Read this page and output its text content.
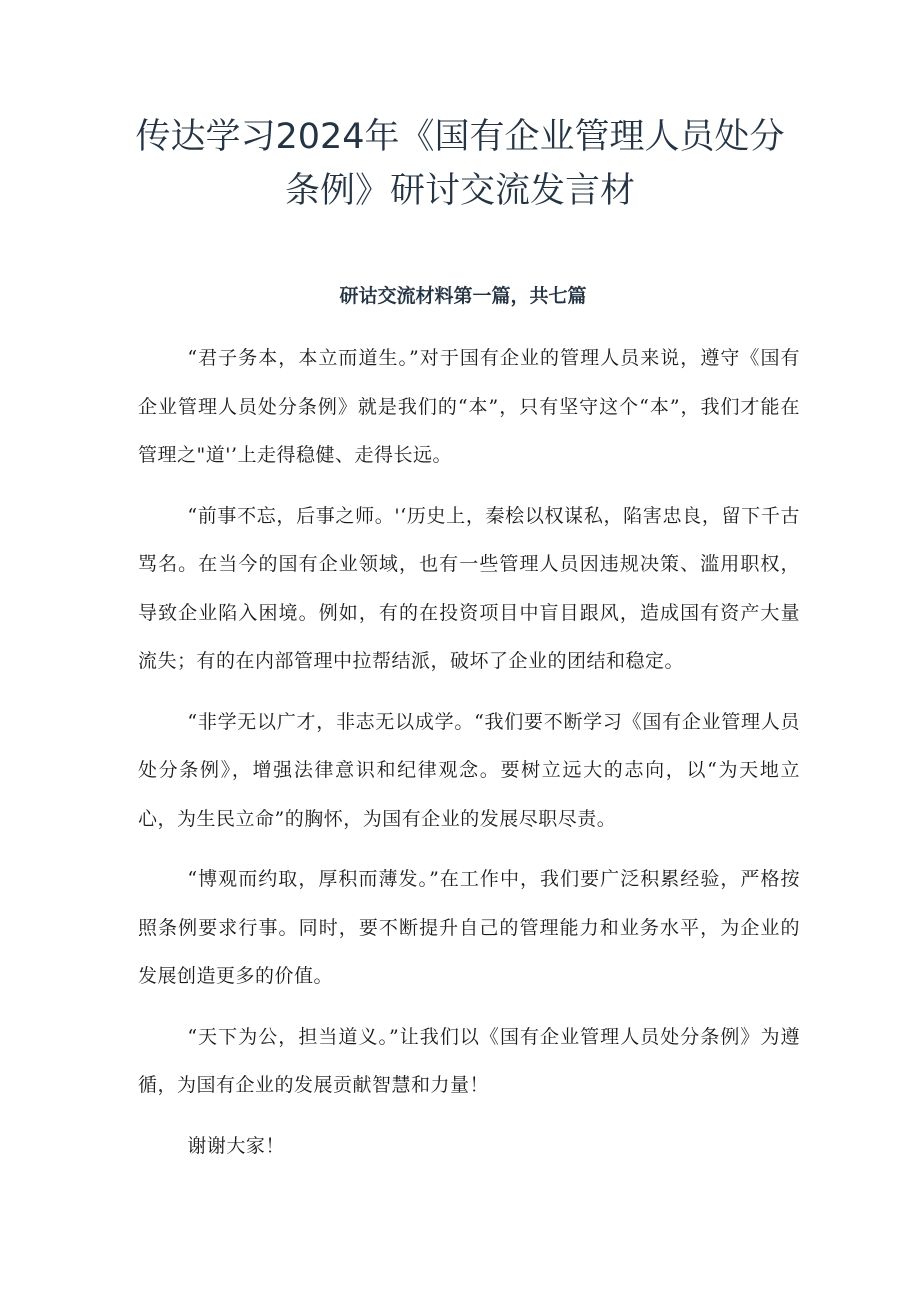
传达学习2024年《国有企业管理人员处分
条例》研讨交流发言材

研诂交流材料第一篇，共七篇

“君子务本，本立而道生。”对于国有企业的管理人员来说，遵守《国有企业管理人员处分条例》就是我们的“本”，只有坚守这个“本”，我们才能在管理之"道'’上走得稳健、走得长远。

“前事不忘，后事之师。'‘历史上，秦桧以权谋私，陷害忠良，留下千古骂名。在当今的国有企业领域，也有一些管理人员因违规决策、滥用职权，导致企业陷入困境。例如，有的在投资项目中盲目跟风，造成国有资产大量流失；有的在内部管理中拉帮结派，破坏了企业的团结和稳定。

“非学无以广才，非志无以成学。“我们要不断学习《国有企业管理人员处分条例》，增强法律意识和纪律观念。要树立远大的志向，以“为天地立心，为生民立命”的胸怀，为国有企业的发展尽职尽责。

“博观而约取，厚积而薄发。”在工作中，我们要广泛积累经验，严格按照条例要求行事。同时，要不断提升自己的管理能力和业务水平，为企业的发展创造更多的价值。

“天下为公，担当道义。”让我们以《国有企业管理人员处分条例》为遵循，为国有企业的发展贡献智慧和力量！

谢谢大家！
